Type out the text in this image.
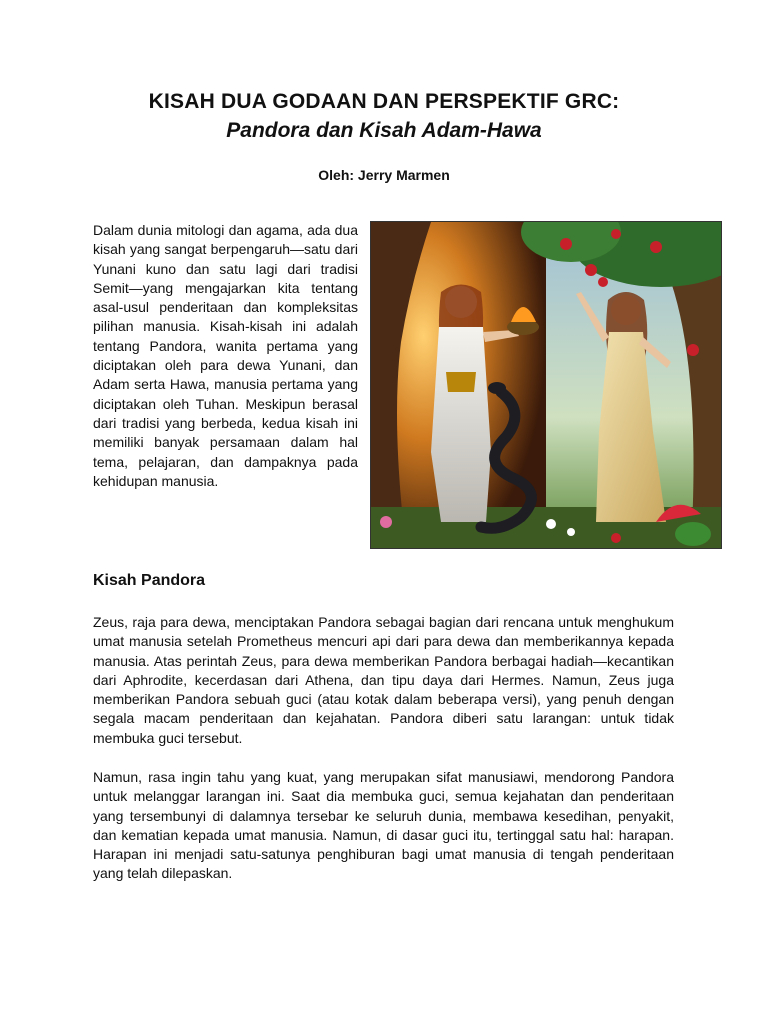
KISAH DUA GODAAN DAN PERSPEKTIF GRC:
Pandora dan Kisah Adam-Hawa
Oleh: Jerry Marmen

Dalam dunia mitologi dan agama, ada dua kisah yang sangat berpengaruh—satu dari Yunani kuno dan satu lagi dari tradisi Semit—yang mengajarkan kita tentang asal-usul penderitaan dan kompleksitas pilihan manusia. Kisah-kisah ini adalah tentang Pandora, wanita pertama yang diciptakan oleh para dewa Yunani, dan Adam serta Hawa, manusia pertama yang diciptakan oleh Tuhan. Meskipun berasal dari tradisi yang berbeda, kedua kisah ini memiliki banyak persamaan dalam hal tema, pelajaran, dan dampaknya pada kehidupan manusia.

Kisah Pandora

Zeus, raja para dewa, menciptakan Pandora sebagai bagian dari rencana untuk menghukum umat manusia setelah Prometheus mencuri api dari para dewa dan memberikannya kepada manusia. Atas perintah Zeus, para dewa memberikan Pandora berbagai hadiah—kecantikan dari Aphrodite, kecerdasan dari Athena, dan tipu daya dari Hermes. Namun, Zeus juga memberikan Pandora sebuah guci (atau kotak dalam beberapa versi), yang penuh dengan segala macam penderitaan dan kejahatan. Pandora diberi satu larangan: untuk tidak membuka guci tersebut.

Namun, rasa ingin tahu yang kuat, yang merupakan sifat manusiawi, mendorong Pandora untuk melanggar larangan ini. Saat dia membuka guci, semua kejahatan dan penderitaan yang tersembunyi di dalamnya tersebar ke seluruh dunia, membawa kesedihan, penyakit, dan kematian kepada umat manusia. Namun, di dasar guci itu, tertinggal satu hal: harapan. Harapan ini menjadi satu-satunya penghiburan bagi umat manusia di tengah penderitaan yang telah dilepaskan.
